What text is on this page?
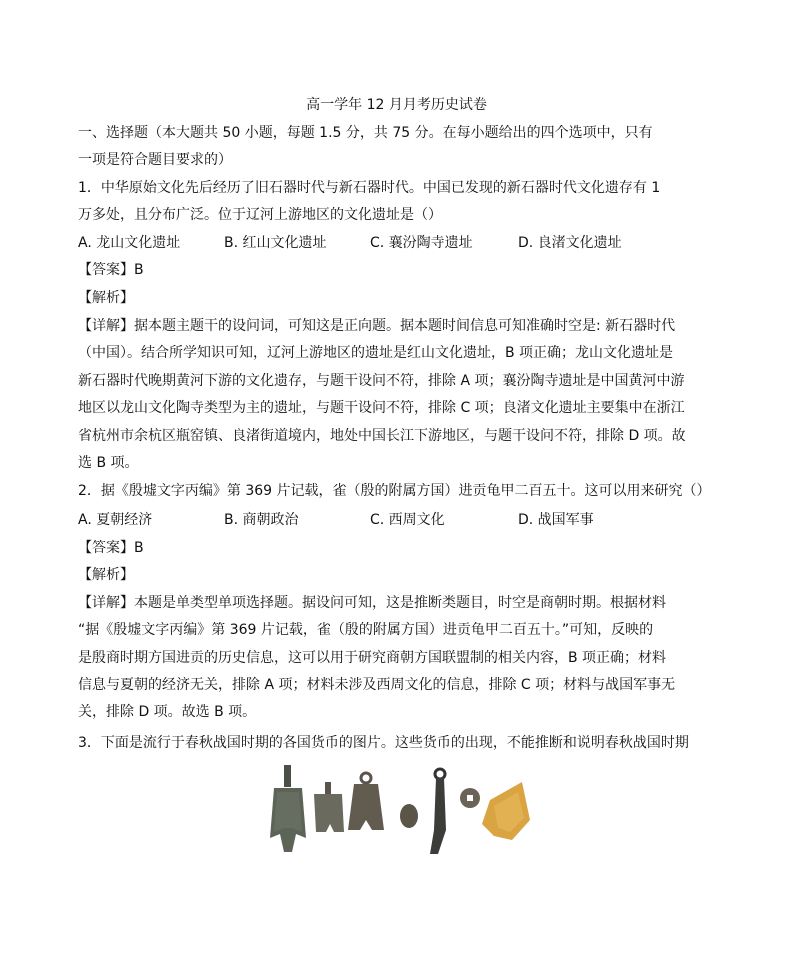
高一学年 12 月月考历史试卷
一、选择题（本大题共 50 小题，每题 1.5 分，共 75 分。在每小题给出的四个选项中，只有
一项是符合题目要求的）
1．中华原始文化先后经历了旧石器时代与新石器时代。中国已发现的新石器时代文化遗存有 1
万多处，且分布广泛。位于辽河上游地区的文化遗址是（）
A. 龙山文化遗址	B. 红山文化遗址	C. 襄汾陶寺遗址	D. 良渚文化遗址
【答案】B
【解析】
【详解】据本题主题干的设问词，可知这是正向题。据本题时间信息可知准确时空是: 新石器时代
（中国）。结合所学知识可知，辽河上游地区的遗址是红山文化遗址，B 项正确；龙山文化遗址是
新石器时代晚期黄河下游的文化遗存，与题干设问不符，排除 A 项；襄汾陶寺遗址是中国黄河中游
地区以龙山文化陶寺类型为主的遗址，与题干设问不符，排除 C 项；良渚文化遗址主要集中在浙江
省杭州市余杭区瓶窑镇、良渚街道境内，地处中国长江下游地区，与题干设问不符，排除 D 项。故
选 B 项。
2．据《殷墟文字丙编》第 369 片记载，雀（殷的附属方国）进贡龟甲二百五十。这可以用来研究（）
A. 夏朝经济	B. 商朝政治	C. 西周文化	D. 战国军事
【答案】B
【解析】
【详解】本题是单类型单项选择题。据设问可知，这是推断类题目，时空是商朝时期。根据材料
“据《殷墟文字丙编》第 369 片记载，雀（殷的附属方国）进贡龟甲二百五十。”可知，反映的
是殷商时期方国进贡的历史信息，这可以用于研究商朝方国联盟制的相关内容，B 项正确；材料
信息与夏朝的经济无关，排除 A 项；材料未涉及西周文化的信息，排除 C 项；材料与战国军事无
关，排除 D 项。故选 B 项。
3．下面是流行于春秋战国时期的各国货币的图片。这些货币的出现，不能推断和说明春秋战国时期
